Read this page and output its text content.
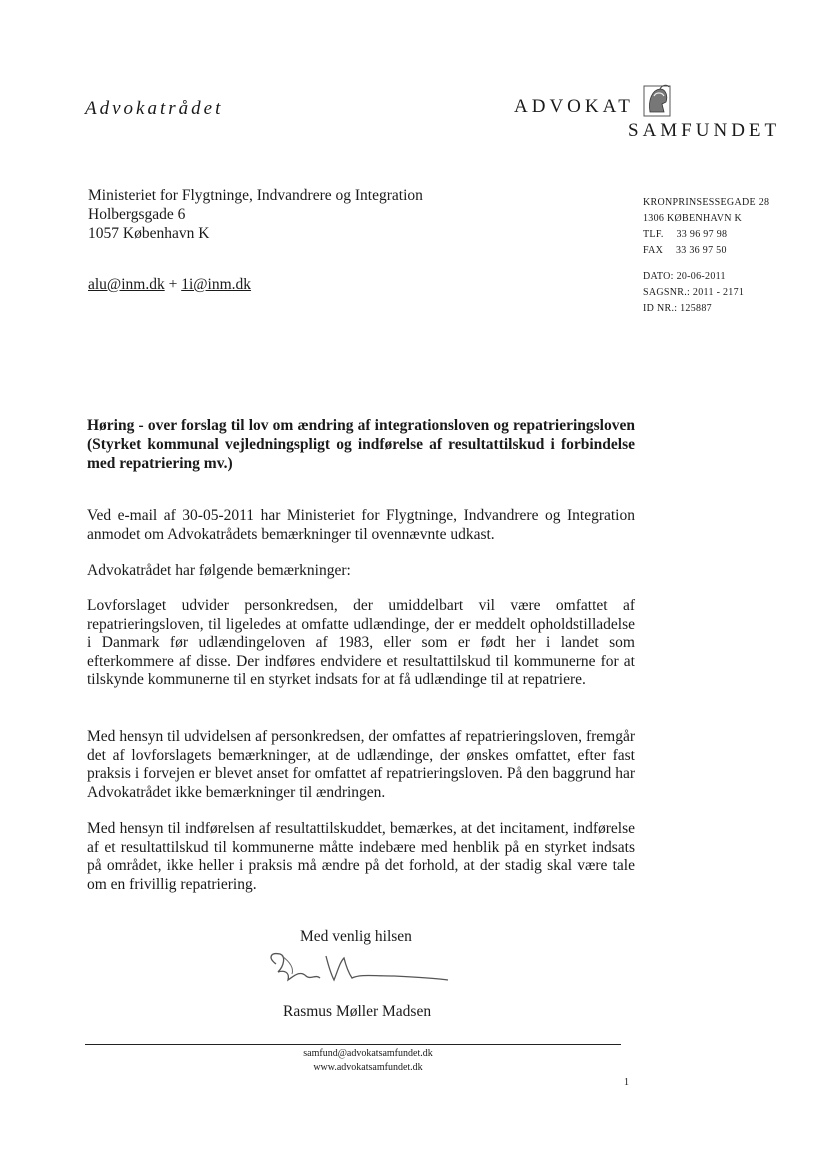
Advokatrådet	ADVOKAT
SAMFUNDET
Ministeriet for Flygtninge, Indvandrere og Integration
Holbergsgade 6
1057 København K
alu@inm.dk + 1i@inm.dk
KRONPRINSESSEGADE 28
1306 KØBENHAVN K
TLF. 33 96 97 98
FAX 33 36 97 50
DATO: 20-06-2011
SAGSNR.: 2011 - 2171
ID NR.: 125887
Høring - over forslag til lov om ændring af integrationsloven og repatrieringsloven (Styrket kommunal vejledningspligt og indførelse af resultattilskud i forbindelse med repatriering mv.)
Ved e-mail af 30-05-2011 har Ministeriet for Flygtninge, Indvandrere og Integration anmodet om Advokatrådets bemærkninger til ovennævnte udkast.
Advokatrådet har følgende bemærkninger:
Lovforslaget udvider personkredsen, der umiddelbart vil være omfattet af repatrieringsloven, til ligeledes at omfatte udlændinge, der er meddelt opholdstilladelse i Danmark før udlændingeloven af 1983, eller som er født her i landet som efterkommere af disse. Der indføres endvidere et resultattilskud til kommunerne for at tilskynde kommunerne til en styrket indsats for at få udlændinge til at repatriere.
Med hensyn til udvidelsen af personkredsen, der omfattes af repatrieringsloven, fremgår det af lovforslagets bemærkninger, at de udlændinge, der ønskes omfattet, efter fast praksis i forvejen er blevet anset for omfattet af repatrieringsloven. På den baggrund har Advokatrådet ikke bemærkninger til ændringen.
Med hensyn til indførelsen af resultattilskuddet, bemærkes, at det incitament, indførelse af et resultattilskud til kommunerne måtte indebære med henblik på en styrket indsats på området, ikke heller i praksis må ændre på det forhold, at der stadig skal være tale om en frivillig repatriering.
Med venlig hilsen
Rasmus Møller Madsen
samfund@advokatsamfundet.dk
www.advokatsamfundet.dk
1
